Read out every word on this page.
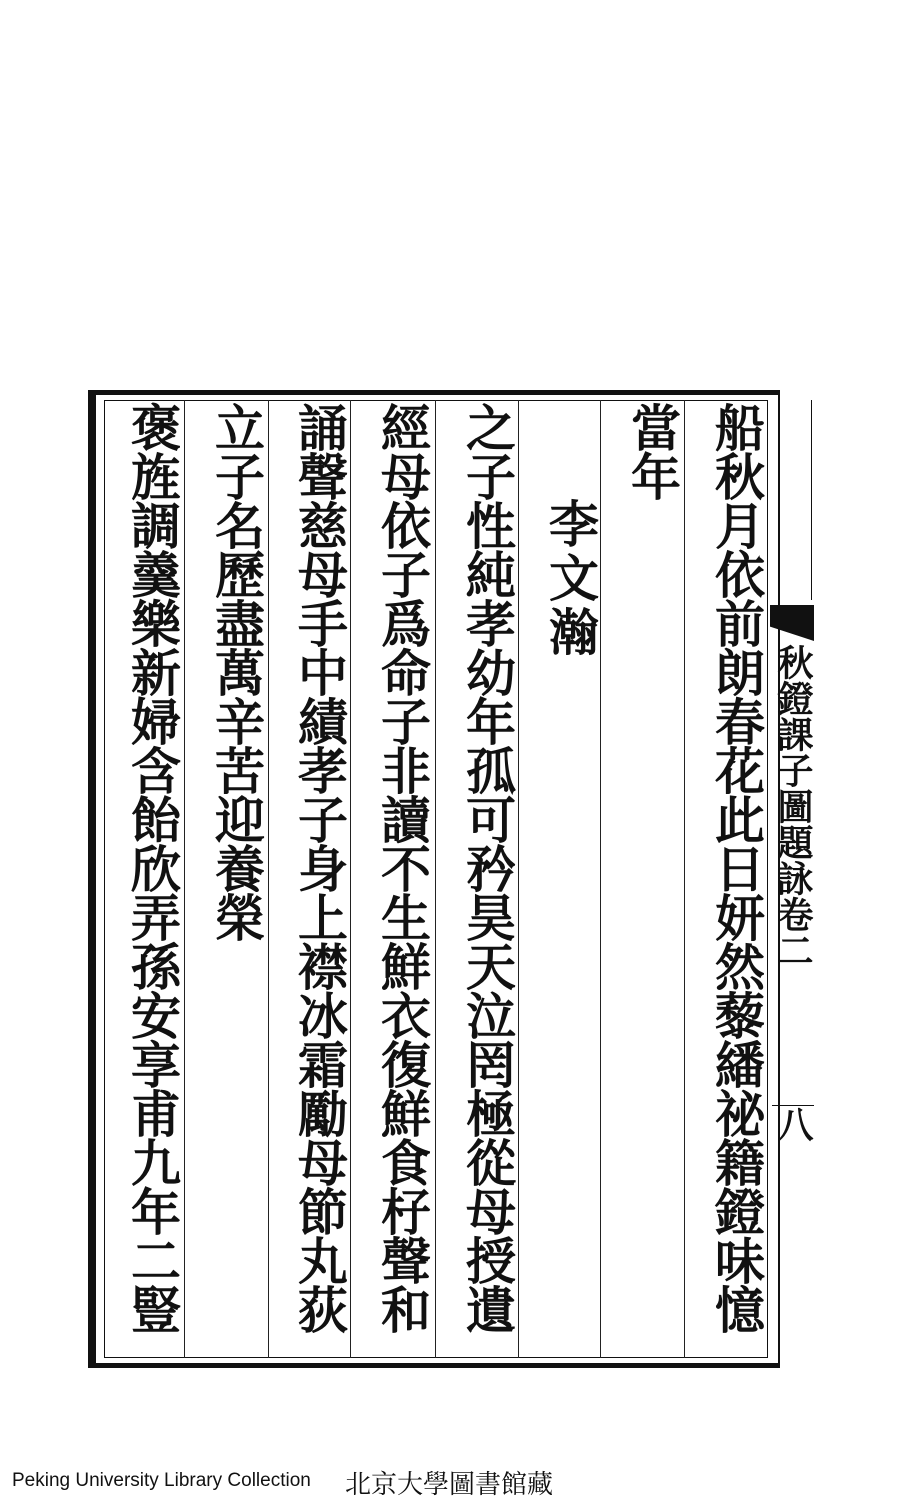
船秋月依前朗春花此日妍然藜繙祕籍鐙味憶
當年
李文瀚
之子性純孝幼年孤可矜昊天泣罔極從母授遺
經母依子爲命子非讀不生鮮衣復鮮食杍聲和
誦聲慈母手中績孝子身上襟冰霜勵母節丸荻
立子名歷盡萬辛苦迎養榮
褒旌調羹樂新婦含飴欣弄孫安享甫九年二豎	秋鐙課子圖題詠卷二
八
Peking University Library Collection 北京大學圖書館藏
